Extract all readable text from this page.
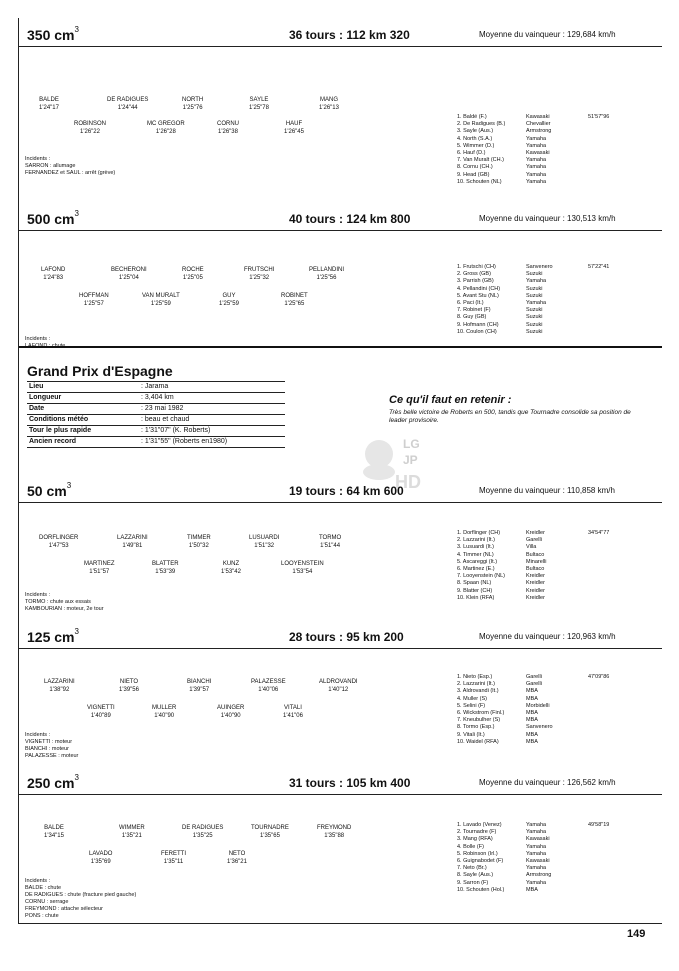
350 $cm^3$	36 tours : 112 km 320	Moyenne du vainqueur : 129,684 km/h
BALDE
1'24"17
DE RADIGUES
1'24"44
NORTH
1'25"76
SAYLE
1'25"78
MANG
1'26"13
ROBINSON
1'26"22
MC GREGOR
1'26"28
CORNU
1'26"38
HAUF
1'26"45
Incidents :
SARRON : allumage
FERNANDEZ et SAUL : arrêt (grève)
1. Baldé (F.)	Kawasaki	51'57"96
2. De Radigues (B.)	Chevallier
3. Sayle (Aus.)	Armstrong
4. North (S.A.)	Yamaha
5. Wimmer (D.)	Yamaha
6. Hauf (D.)	Kawasaki
7. Van Muralt (CH.)	Yamaha
8. Cornu (CH.)	Yamaha
9. Head (GB)	Yamaha
10. Schouten (NL)	Yamaha
500 $cm^3$	40 tours : 124 km 800	Moyenne du vainqueur : 130,513 km/h
LAFOND
1'24"83
BECHERONI
1'25"04
ROCHE
1'25"05
FRUTSCHI
1'25"32
PELLANDINI
1'25"56
HOFFMAN
1'25"57
VAN MURALT
1'25"59
GUY
1'25"59
ROBINET
1'25"65
Incidents :
1. Frutschi (CH)	Sanvenero	57'22"41
2. Gross (GB)	Suzuki
3. Parrish (GB)	Yamaha
4. Pellandini (CH)	Suzuki
5. Avant Stu (NL)	Suzuki
6. Paci (It.)	Yamaha
7. Robinet (F)	Suzuki
8. Guy (GB)	Suzuki
9. Hofmann (CH)	Suzuki
10. Coulon (CH)	Suzuki
Grand Prix d'Espagne
Lieu	: Jarama
Longueur	: 3,404 km
Date	: 23 mai 1982
Conditions météo	: beau et chaud
Tour le plus rapide	: 1'31"07" (K. Roberts)
Ancien record	: 1'31"55" (Roberts en1980)
Ce qu'il faut en retenir :
Très belle victoire de Roberts en 500, tandis que Tournadre consolide sa position de leader provisoire.
LG
JP
HD
50 $cm^3$	19 tours : 64 km 600	Moyenne du vainqueur : 110,858 km/h
DORFLINGER
1'47"53
LAZZARINI
1'49"81
TIMMER
1'50"32
LUSUARDI
1'51"32
TORMO
1'51"44
MARTINEZ
1'51"57
BLATTER
1'53"39
KUNZ
1'53"42
LOOYENSTEIN
1'53"54
Incidents :
TORMO : chute aux essais
KAMBOURIAN : moteur, 2e tour
1. Dorflinger (CH)	Kreidler	34'54"77
2. Lazzarini (It.)	Garelli
3. Lusuardi (It.)	Villa
4. Timmer (NL)	Bultaco
5. Ascareggi (It.)	Minarelli
6. Martinez (E.)	Bultaco
7. Looyenstein (NL)	Kreidler
8. Spaan (NL)	Kreidler
9. Blatter (CH)	Kreidler
10. Klein (RFA)	Kreidler
125 $cm^3$	28 tours : 95 km 200	Moyenne du vainqueur : 120,963 km/h
LAZZARINI
1'38"92
NIETO
1'39"56
BIANCHI
1'39"57
PALAZESSE
1'40"06
ALDROVANDI
1'40"12
VIGNETTI
1'40"89
MULLER
1'40"90
AUINGER
1'40"90
VITALI
1'41"06
Incidents :
VIGNETTI : moteur
BIANCHI : moteur
PALAZESSE : moteur
1. Nieto (Esp.)	Garelli	47'09"86
2. Lazzarini (It.)	Garelli
3. Aldrovandi (It.)	MBA
4. Muller (S)	MBA
5. Selini (F)	Morbidelli
6. Wickstrom (Finl.)	MBA
7. Kneubulher (S)	MBA
8. Tormo (Esp.)	Sanvenero
9. Vitali (It.)	MBA
10. Waidel (RFA)	MBA
250 $cm^3$	31 tours : 105 km 400	Moyenne du vainqueur : 126,562 km/h
BALDE
1'34"15
WIMMER
1'35"21
DE RADIGUES
1'35"25
TOURNADRE
1'35"65
FREYMOND
1'35"88
LAVADO
1'35"69
FERETTI
1'35"11
NETO
1'36"21
Incidents :
BALDE : chute
DE RADIGUES : chute (fracture pied gauche)
CORNU : serrage
FREYMOND : attache sélecteur
PONS : chute
1. Lavado (Venez)	Yamaha	49'58"19
2. Tournadre (F)	Yamaha
3. Mang (RFA)	Kawasaki
4. Bolle (F)	Yamaha
5. Robinson (Irl.)	Yamaha
6. Guignabodet (F)	Kawasaki
7. Neto (Br.)	Yamaha
8. Sayle (Aus.)	Armstrong
9. Sarron (F)	Yamaha
10. Schouten (Hol.)	MBA
149
